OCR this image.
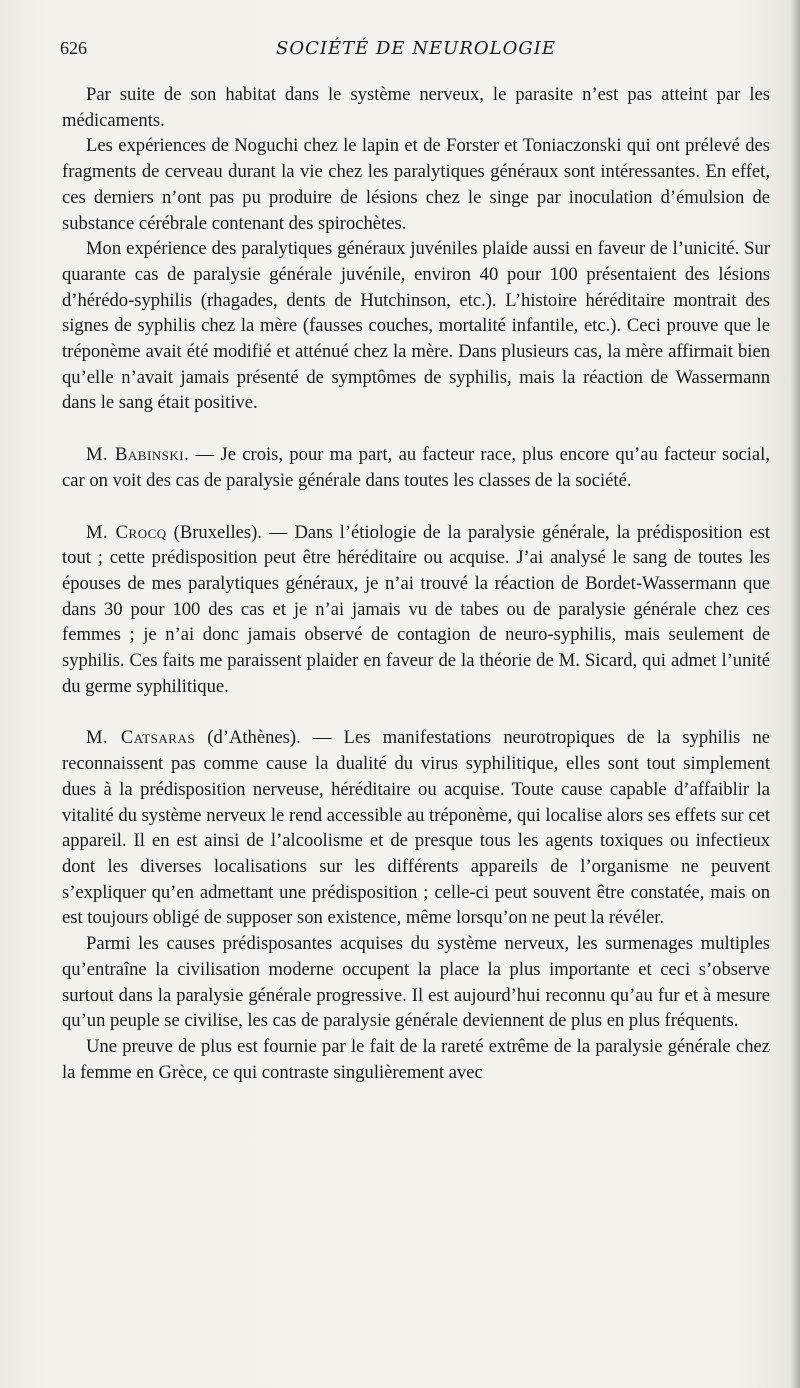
626	SOCIÉTÉ DE NEUROLOGIE

Par suite de son habitat dans le système nerveux, le parasite n’est pas atteint par les médicaments.

Les expériences de Noguchi chez le lapin et de Forster et Toniaczonski qui ont prélevé des fragments de cerveau durant la vie chez les paralytiques généraux sont intéressantes. En effet, ces derniers n’ont pas pu produire de lésions chez le singe par inoculation d’émulsion de substance cérébrale contenant des spirochètes.

Mon expérience des paralytiques généraux juvéniles plaide aussi en faveur de l’unicité. Sur quarante cas de paralysie générale juvénile, environ 40 pour 100 présentaient des lésions d’hérédo-syphilis (rhagades, dents de Hutchinson, etc.). L’histoire héréditaire montrait des signes de syphilis chez la mère (fausses couches, mortalité infantile, etc.). Ceci prouve que le tréponème avait été modifié et atténué chez la mère. Dans plusieurs cas, la mère affirmait bien qu’elle n’avait jamais présenté de symptômes de syphilis, mais la réaction de Wassermann dans le sang était positive.

M. Babinski. — Je crois, pour ma part, au facteur race, plus encore qu’au facteur social, car on voit des cas de paralysie générale dans toutes les classes de la société.

M. Crocq (Bruxelles). — Dans l’étiologie de la paralysie générale, la prédisposition est tout ; cette prédisposition peut être héréditaire ou acquise. J’ai analysé le sang de toutes les épouses de mes paralytiques généraux, je n’ai trouvé la réaction de Bordet-Wassermann que dans 30 pour 100 des cas et je n’ai jamais vu de tabes ou de paralysie générale chez ces femmes ; je n’ai donc jamais observé de contagion de neuro-syphilis, mais seulement de syphilis. Ces faits me paraissent plaider en faveur de la théorie de M. Sicard, qui admet l’unité du germe syphilitique.

M. Catsaras (d’Athènes). — Les manifestations neurotropiques de la syphilis ne reconnaissent pas comme cause la dualité du virus syphilitique, elles sont tout simplement dues à la prédisposition nerveuse, héréditaire ou acquise. Toute cause capable d’affaiblir la vitalité du système nerveux le rend accessible au tréponème, qui localise alors ses effets sur cet appareil. Il en est ainsi de l’alcoolisme et de presque tous les agents toxiques ou infectieux dont les diverses localisations sur les différents appareils de l’organisme ne peuvent s’expliquer qu’en admettant une prédisposition ; celle-ci peut souvent être constatée, mais on est toujours obligé de supposer son existence, même lorsqu’on ne peut la révéler.

Parmi les causes prédisposantes acquises du système nerveux, les surmenages multiples qu’entraîne la civilisation moderne occupent la place la plus importante et ceci s’observe surtout dans la paralysie générale progressive. Il est aujourd’hui reconnu qu’au fur et à mesure qu’un peuple se civilise, les cas de paralysie générale deviennent de plus en plus fréquents.

Une preuve de plus est fournie par le fait de la rareté extrême de la paralysie générale chez la femme en Grèce, ce qui contraste singulièrement avec
